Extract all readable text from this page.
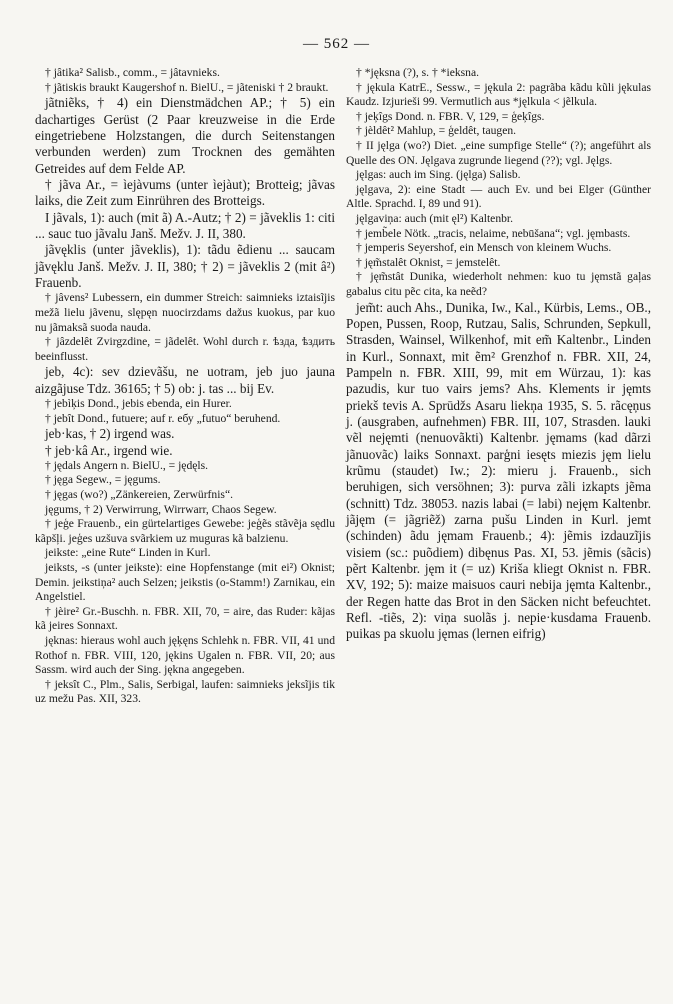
— 562 —

† jâtika² Salisb., comm., = jâtavnieks.

† jãtiskis braukt Kaugershof n. BielU., = jãteniski † 2 braukt.

jãtniẽks, † 4) ein Dienstmädchen AP.; † 5) ein dachartiges Gerüst (2 Paar kreuzweise in die Erde eingetriebene Holzstangen, die durch Seitenstangen verbunden werden) zum Trocknen des gemähten Getreides auf dem Felde AP.

† jãva Ar., = ìejàvums (unter ìejàut); Brotteig; jãvas laiks, die Zeit zum Einrühren des Brotteigs.

I jãvals, 1): auch (mit ã) A.-Autz; † 2) = jãveklis 1: citi ... sauc tuo jãvalu Janš. Mežv. J. II, 380.

jãvęklis (unter jãveklis), 1): tãdu ẽdienu ... saucam jãvęklu Janš. Mežv. J. II, 380; † 2) = jãveklis 2 (mit â²) Frauenb.

† jâvens² Lubessern, ein dummer Streich: saimnieks iztaisĩjis mežã lielu jãvenu, slępęn nuocirzdams dažus kuokus, par kuo nu jãmaksã suoda nauda.

† jâzdelêt Zvirgzdine, = jãdelêt. Wohl durch r. ѣзда, ѣздить beeinflusst.

jeb, 4c): sev dzievãšu, ne uotram, jeb juo jauna aizgãjuse Tdz. 36165; † 5) ob: j. tas ... bij Ev.

† jebìķis Dond., jebis ebenda, ein Hurer.

† jebît Dond., futuere; auf r. ебу „futuo“ beruhend.

jeb·kas, † 2) irgend was.

† jeb·kâ Ar., irgend wie.

† jędals Angern n. BielU., = jędęls.

† jęga Segew., = jęgums.

† jęgas (wo?) „Zänkereien, Zerwürfnis“.

jęgums, † 2) Verwirrung, Wirrwarr, Chaos Segew.

† jeģe Frauenb., ein gürtelartiges Gewebe: jeģẽs stãvẽja sędlu kãpšļi. jeģes uzšuva svãrkiem uz muguras kã balzienu.

jeikste: „eine Rute“ Linden in Kurl.

jeiksts, -s (unter jeikste): eine Hopfenstange (mit ei²) Oknist; Demin. jeikstiņa² auch Selzen; jeikstis (o-Stamm!) Zarnikau, ein Angelstiel.

† jèire² Gr.-Buschh. n. FBR. XII, 70, = aire, das Ruder: kãjas kã jeires Sonnaxt.

jęknas: hieraus wohl auch jęķęns Schlehk n. FBR. VII, 41 und Rothof n. FBR. VIII, 120, jękins Ugalen n. FBR. VII, 20; aus Sassm. wird auch der Sing. jękna angegeben.

† jeksît C., Plm., Salis, Serbigal, laufen: saimnieks jeksĩjis tik uz mežu Pas. XII, 323.

† *jęksna (?), s. † *ieksna.

† jękula KatrE., Sessw., = jękula 2: pagrãba kãdu kũli jękulas Kaudz. Izjurieši 99. Vermutlich aus *jęlkula < jẽlkula.

† jeķîgs Dond. n. FBR. V, 129, = ģeķîgs.

† jèldêt² Mahlup, = ģeldêt, taugen.

† II jęlga (wo?) Diet. „eine sumpfige Stelle“ (?); angeführt als Quelle des ON. Jęlgava zugrunde liegend (??); vgl. Jęlgs.

jęlgas: auch im Sing. (jęlga) Salisb.

jęlgava, 2): eine Stadt — auch Ev. und bei Elger (Günther Altle. Sprachd. I, 89 und 91).

jęlgaviņa: auch (mit ęl²) Kaltenbr.

† jemb̃ele Nötk. „tracis, nelaime, nebūšana“; vgl. jęmbasts.

† jemperis Seyershof, ein Mensch von kleinem Wuchs.

† jęm̃stalêt Oknist, = jemstelêt.

† jęm̃stât Dunika, wiederholt nehmen: kuo tu jęmstã gaļas gabalus citu pẽc cita, ka neẽd?

jem̃t: auch Ahs., Dunika, Iw., Kal., Kürbis, Lems., OB., Popen, Pussen, Roop, Rutzau, Salis, Schrunden, Sepkull, Strasden, Wainsel, Wilkenhof, mit em̃ Kaltenbr., Linden in Kurl., Sonnaxt, mit ẽm² Grenzhof n. FBR. XII, 24, Pampeln n. FBR. XIII, 99, mit em Würzau, 1): kas pazudis, kur tuo vairs jems? Ahs. Klements ir jęmts priekš tevis A. Sprūdžs Asaru liekņa 1935, S. 5. rãcęņus j. (ausgraben, aufnehmen) FBR. III, 107, Strasden. lauki vẽl nejęmti (nenuovãkti) Kaltenbr. jęmams (kad dãrzi jãnuovãc) laiks Sonnaxt. parģni iesęts miezis jęm lielu krũmu (staudet) Iw.; 2): mieru j. Frauenb., sich beruhigen, sich versöhnen; 3): purva zãli izkapts jẽma (schnitt) Tdz. 38053. nazis labai (= labi) nejęm Kaltenbr. jãjęm (= jãgriẽž) zarna pušu Linden in Kurl. jemt (schinden) ãdu jęmam Frauenb.; 4): jẽmis izdauzĩjis visiem (sc.: puõdiem) dibęnus Pas. XI, 53. jẽmis (sãcis) pẽrt Kaltenbr. jęm it (= uz) Krišа kliegt Oknist n. FBR. XV, 192; 5): maize maisuos cauri nebija jęmta Kaltenbr., der Regen hatte das Brot in den Säcken nicht befeuchtet. Refl. -tiẽs, 2): viņa suolãs j. nepie·kusdama Frauenb. puikas pa skuolu jęmas (lernen eifrig)
